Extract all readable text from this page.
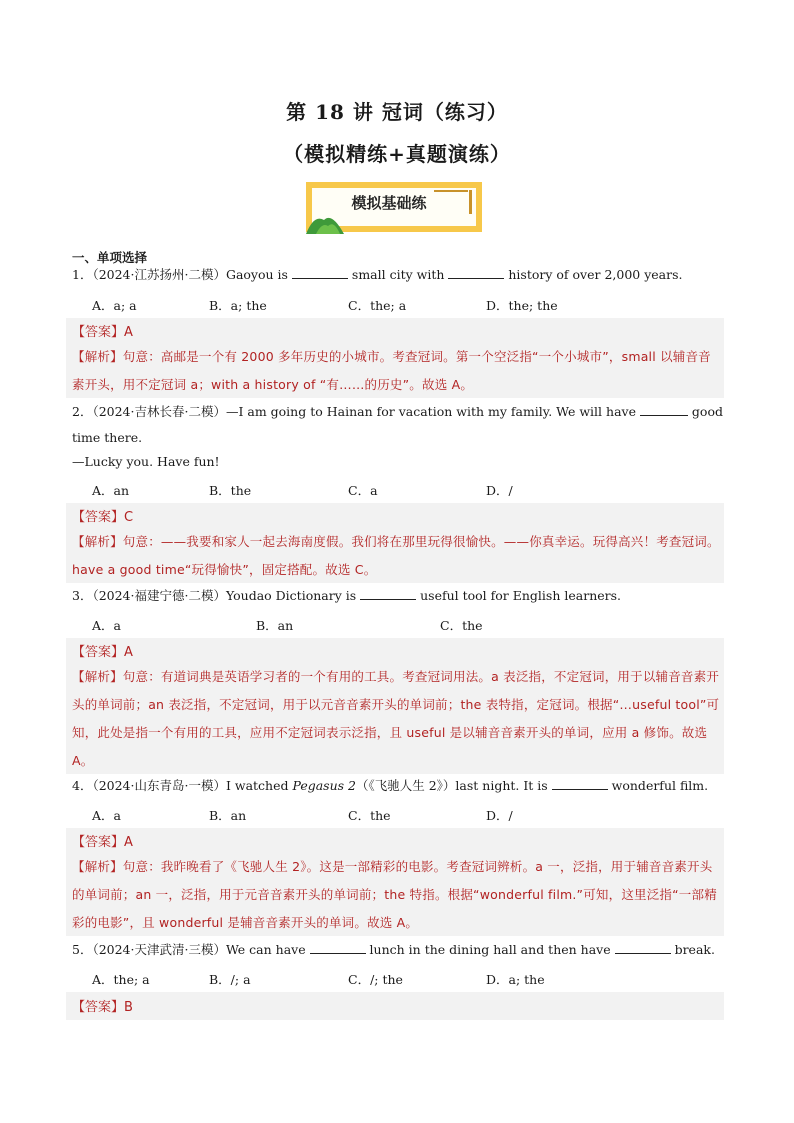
第 18 讲 冠词（练习）
（模拟精练+真题演练）
模拟基础练
一、单项选择
1．（2024·江苏扬州·二模）Gaoyou is	small city with	history of over 2,000 years.
A．a; a	B．a; the	C．the; a	D．the; the
【答案】A
【解析】句意：高邮是一个有 2000 多年历史的小城市。考查冠词。第一个空泛指“一个小城市”，small 以辅音音素开头，用不定冠词 a；with a history of “有……的历史”。故选 A。
2．（2024·吉林长春·二模）—I am going to Hainan for vacation with my family. We will have	good
time there.
—Lucky you. Have fun!
A．an	B．the	C．a	D．/
【答案】C
【解析】句意：——我要和家人一起去海南度假。我们将在那里玩得很愉快。——你真幸运。玩得高兴！考查冠词。have a good time“玩得愉快”，固定搭配。故选 C。
3．（2024·福建宁德·二模）Youdao Dictionary is	useful tool for English learners.
A．a	B．an	C．the
【答案】A
【解析】句意：有道词典是英语学习者的一个有用的工具。考查冠词用法。a 表泛指，不定冠词，用于以辅音音素开头的单词前；an 表泛指，不定冠词，用于以元音音素开头的单词前；the 表特指，定冠词。根据“…useful tool”可知，此处是指一个有用的工具，应用不定冠词表示泛指，且 useful 是以辅音音素开头的单词，应用 a 修饰。故选 A。
4．（2024·山东青岛·一模）I watched Pegasus 2（《飞驰人生 2》）last night. It is	wonderful film.
A．a	B．an	C．the	D．/
【答案】A
【解析】句意：我昨晚看了《飞驰人生 2》。这是一部精彩的电影。考查冠词辨析。a 一，泛指，用于辅音音素开头的单词前；an 一，泛指，用于元音音素开头的单词前；the 特指。根据“wonderful film.”可知，这里泛指“一部精彩的电影”，且 wonderful 是辅音音素开头的单词。故选 A。
5．（2024·天津武清·三模）We can have	lunch in the dining hall and then have	break.
A．the; a	B．/; a	C．/; the	D．a; the
【答案】B
